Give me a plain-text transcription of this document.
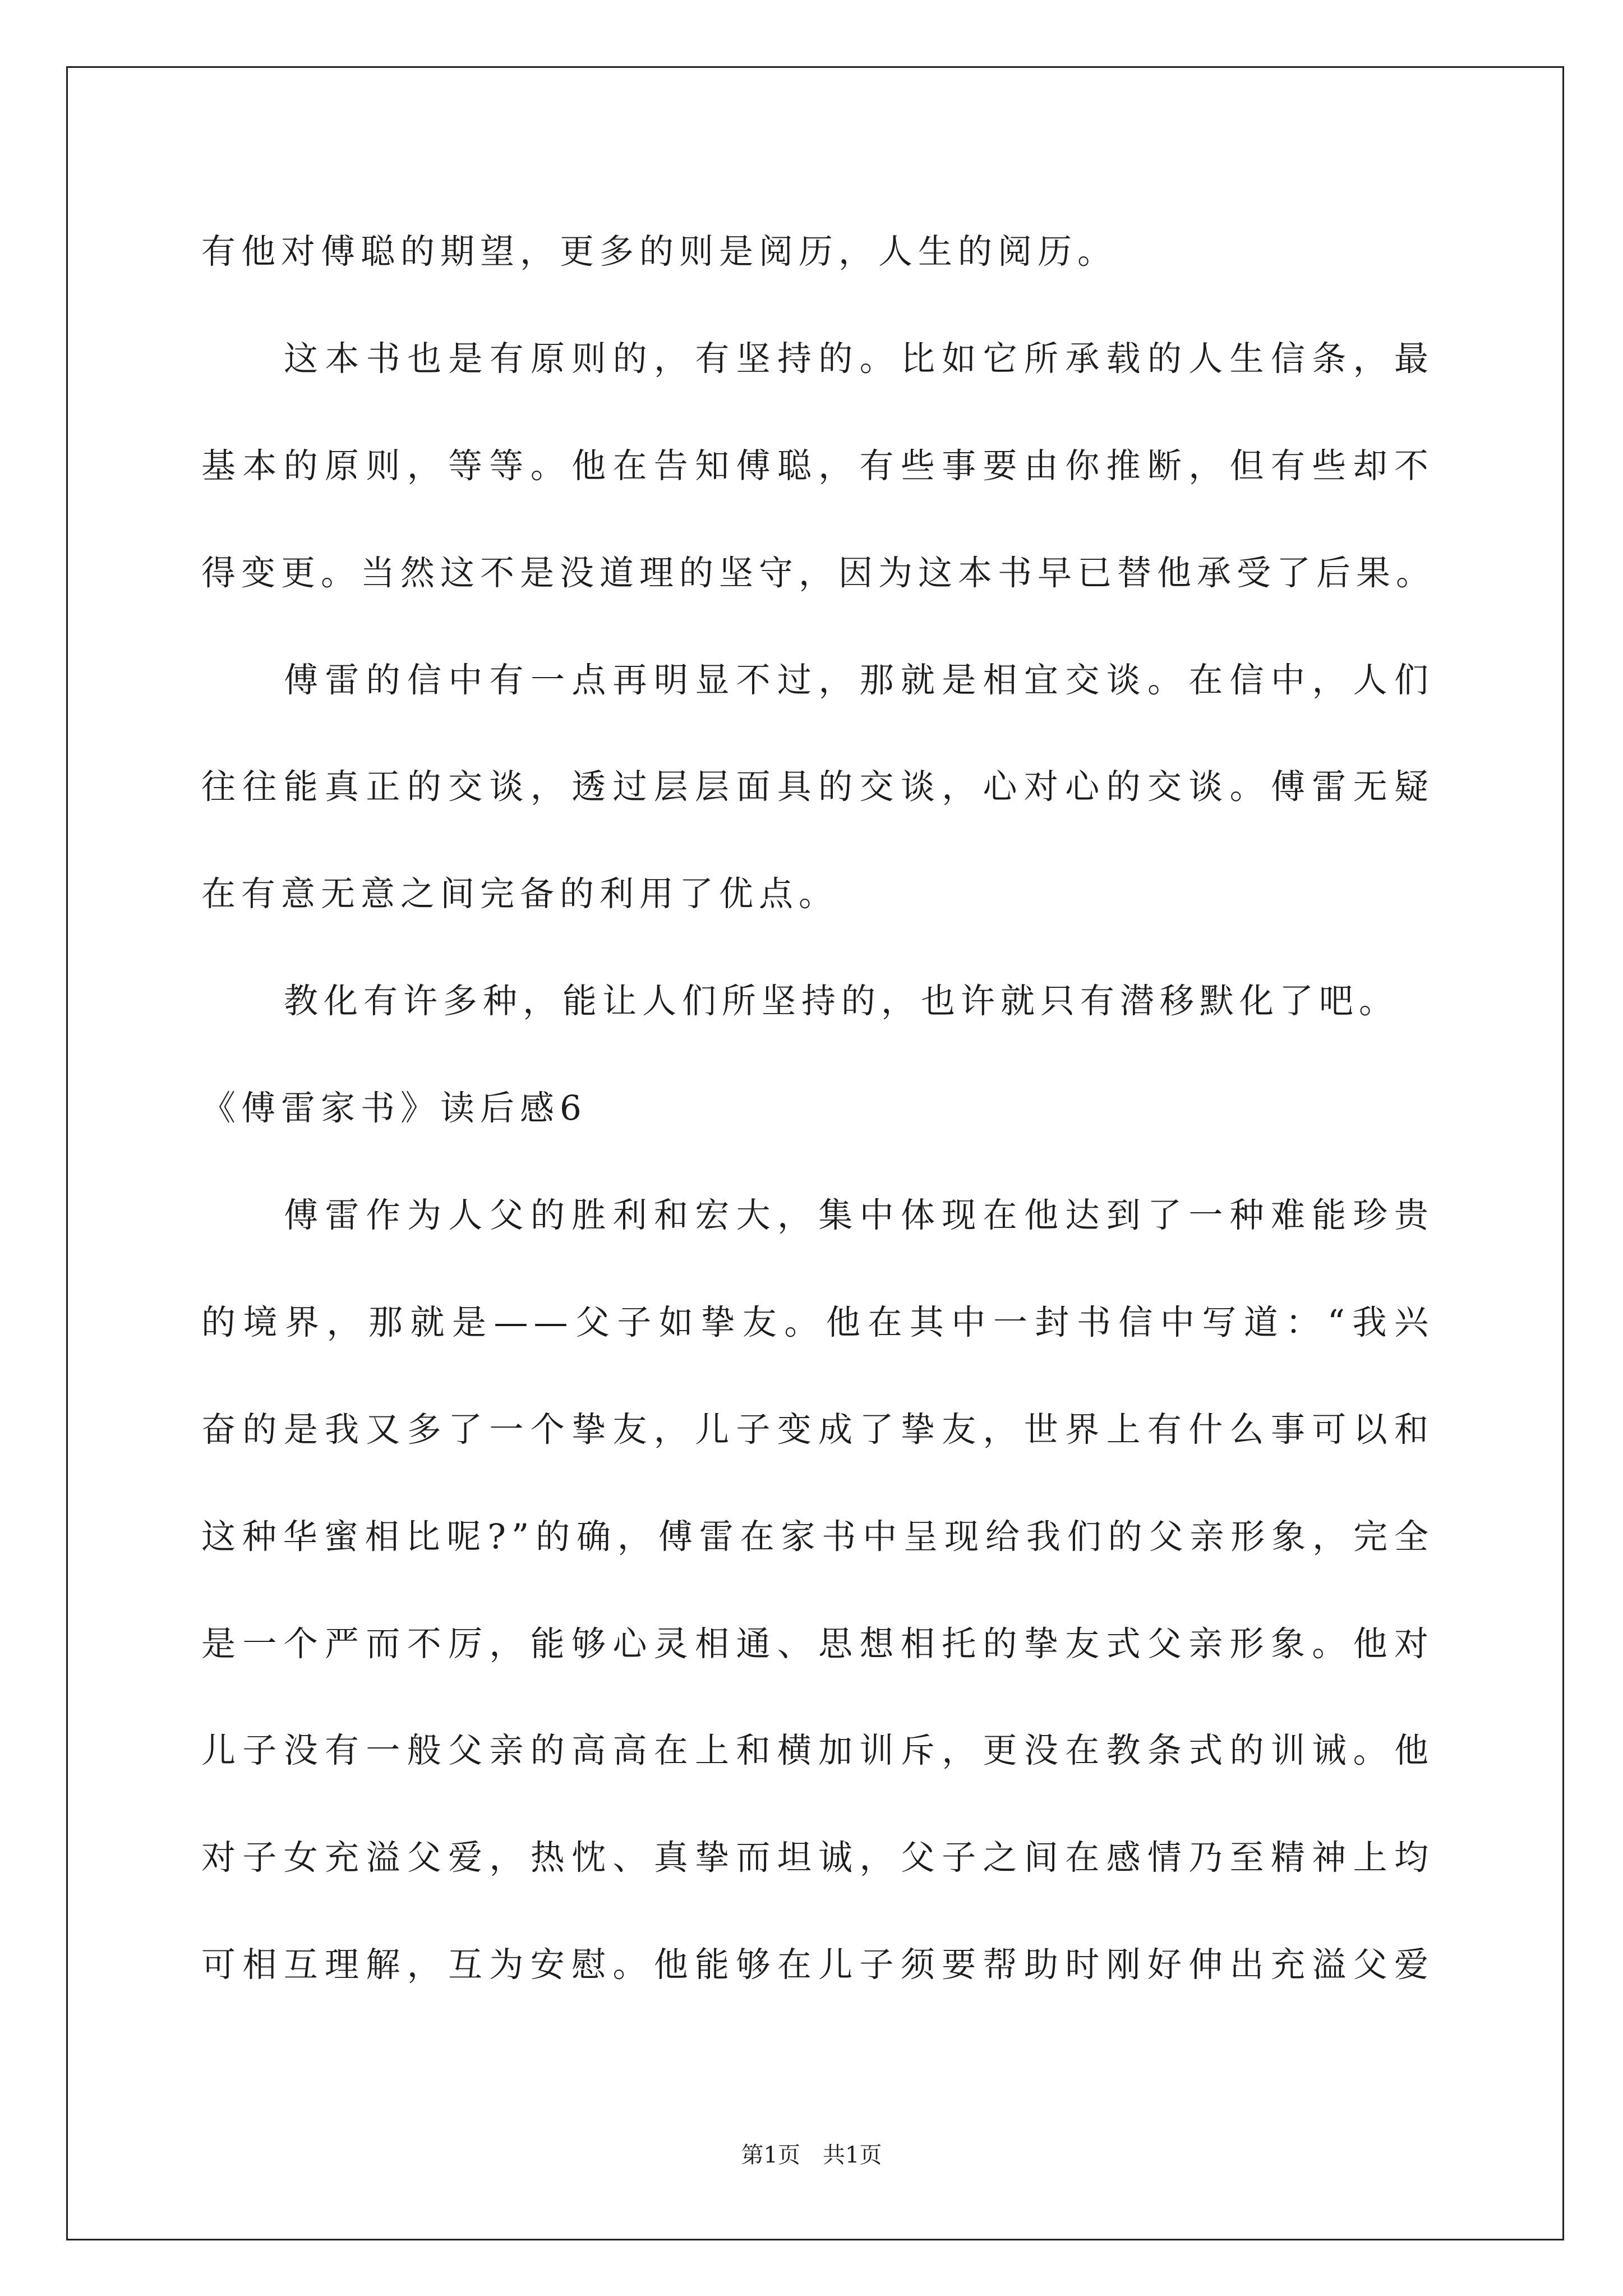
有他对傅聪的期望，更多的则是阅历，人生的阅历。
这本书也是有原则的，有坚持的。比如它所承载的人生信条，最
基本的原则，等等。他在告知傅聪，有些事要由你推断，但有些却不
得变更。当然这不是没道理的坚守，因为这本书早已替他承受了后果。
傅雷的信中有一点再明显不过，那就是相宜交谈。在信中，人们
往往能真正的交谈，透过层层面具的交谈，心对心的交谈。傅雷无疑
在有意无意之间完备的利用了优点。
教化有许多种，能让人们所坚持的，也许就只有潜移默化了吧。
《傅雷家书》读后感6
傅雷作为人父的胜利和宏大，集中体现在他达到了一种难能珍贵
的境界，那就是——父子如挚友。他在其中一封书信中写道：“我兴
奋的是我又多了一个挚友，儿子变成了挚友，世界上有什么事可以和
这种华蜜相比呢?”的确，傅雷在家书中呈现给我们的父亲形象，完全
是一个严而不厉，能够心灵相通、思想相托的挚友式父亲形象。他对
儿子没有一般父亲的高高在上和横加训斥，更没在教条式的训诫。他
对子女充溢父爱，热忱、真挚而坦诚，父子之间在感情乃至精神上均
可相互理解，互为安慰。他能够在儿子须要帮助时刚好伸出充溢父爱
第1页　共1页
